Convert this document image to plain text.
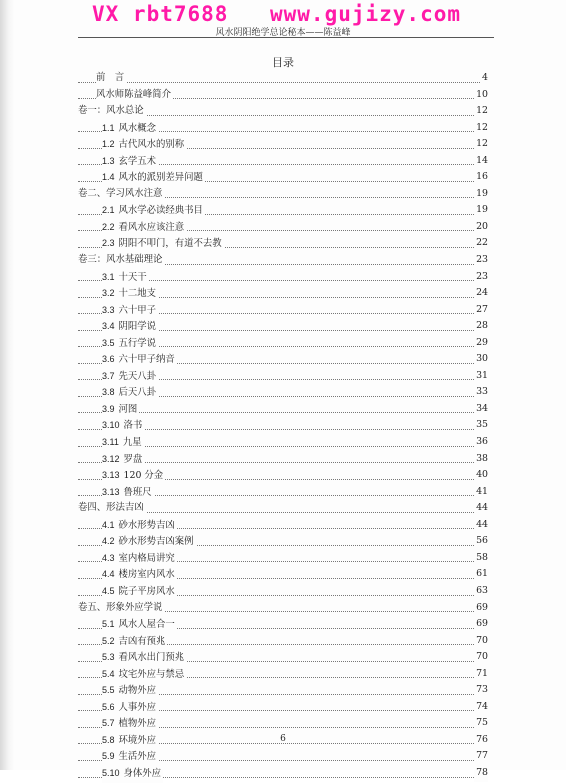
VX rbt7688 www.gujizy.com
风水阴阳绝学总论秘本——陈益峰
目录
前　言	4
风水师陈益峰简介	10
卷一：风水总论	12
1.1 风水概念	12
1.2 古代风水的别称	12
1.3 玄学五术	14
1.4 风水的派别差异问题	16
卷二、学习风水注意	19
2.1 风水学必读经典书目	19
2.2 看风水应该注意	20
2.3 阴阳不叩门，有道不去教	22
卷三：风水基础理论	23
3.1 十天干	23
3.2 十二地支	24
3.3 六十甲子	27
3.4 阴阳学说	28
3.5 五行学说	29
3.6 六十甲子纳音	30
3.7 先天八卦	31
3.8 后天八卦	33
3.9 河图	34
3.10 洛书	35
3.11 九星	36
3.12 罗盘	38
3.13 120 分金	40
3.13 鲁班尺	41
卷四、形法吉凶	44
4.1 砂水形势吉凶	44
4.2 砂水形势吉凶案例	56
4.3 室内格局讲究	58
4.4 楼房室内风水	61
4.5 院子平房风水	63
卷五、形象外应学说	69
5.1 风水人屋合一	69
5.2 吉凶有预兆	70
5.3 看风水出门预兆	70
5.4 坟宅外应与禁忌	71
5.5 动物外应	73
5.6 人事外应	74
5.7 植物外应	75
5.8 环境外应	76
5.9 生活外应	77
5.10 身体外应	78
6
